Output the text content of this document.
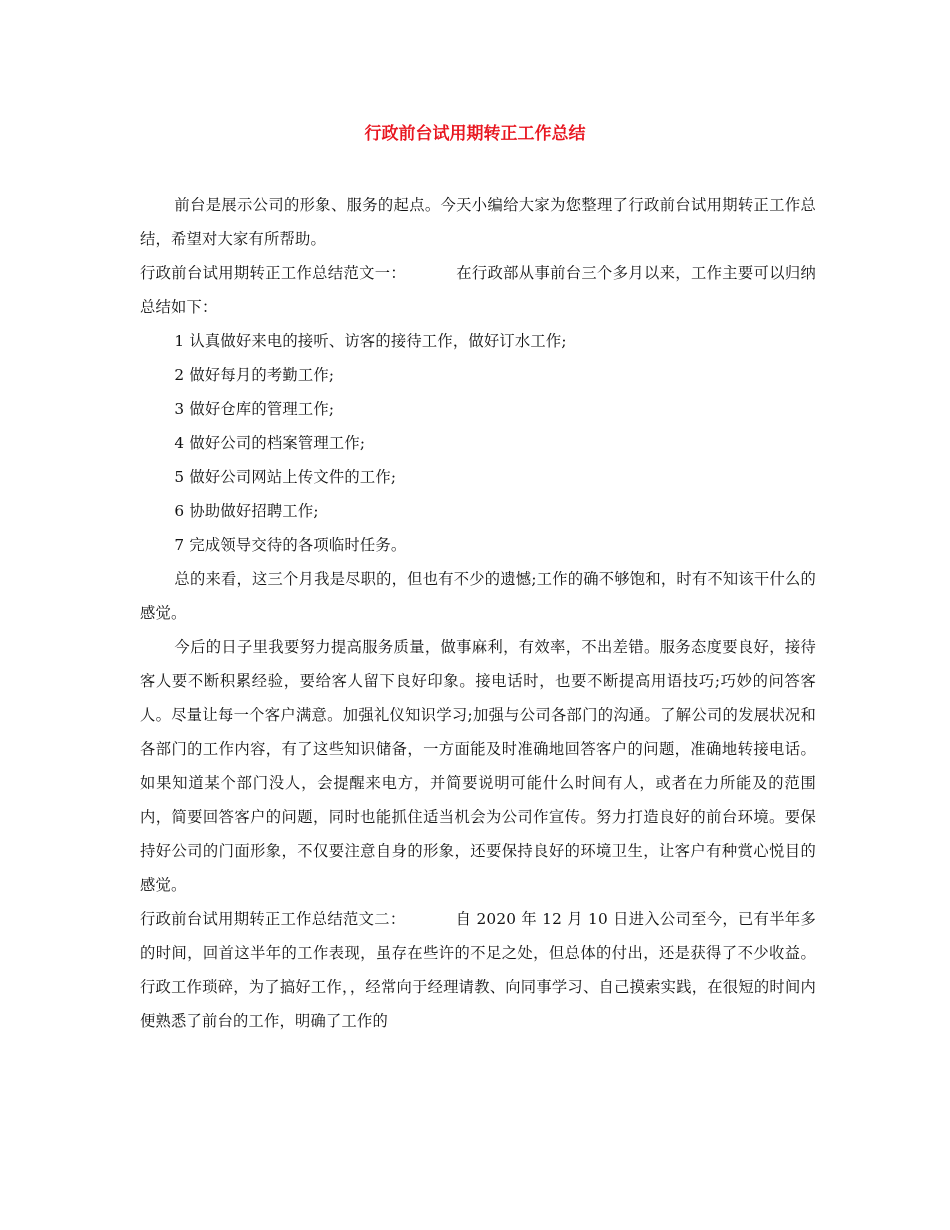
行政前台试用期转正工作总结

前台是展示公司的形象、服务的起点。今天小编给大家为您整理了行政前台试用期转正工作总结，希望对大家有所帮助。

行政前台试用期转正工作总结范文一：	在行政部从事前台三个多月以来，工作主要可以归纳总结如下：

1 认真做好来电的接听、访客的接待工作，做好订水工作;

2 做好每月的考勤工作;

3 做好仓库的管理工作;

4 做好公司的档案管理工作;

5 做好公司网站上传文件的工作;

6 协助做好招聘工作;

7 完成领导交待的各项临时任务。

总的来看，这三个月我是尽职的，但也有不少的遗憾;工作的确不够饱和，时有不知该干什么的感觉。

今后的日子里我要努力提高服务质量，做事麻利，有效率，不出差错。服务态度要良好，接待客人要不断积累经验，要给客人留下良好印象。接电话时，也要不断提高用语技巧;巧妙的问答客人。尽量让每一个客户满意。加强礼仪知识学习;加强与公司各部门的沟通。了解公司的发展状况和各部门的工作内容，有了这些知识储备，一方面能及时准确地回答客户的问题，准确地转接电话。如果知道某个部门没人，会提醒来电方，并简要说明可能什么时间有人，或者在力所能及的范围内，简要回答客户的问题，同时也能抓住适当机会为公司作宣传。努力打造良好的前台环境。要保持好公司的门面形象，不仅要注意自身的形象，还要保持良好的环境卫生，让客户有种赏心悦目的感觉。

行政前台试用期转正工作总结范文二：	自 2020 年 12 月 10 日进入公司至今，已有半年多的时间，回首这半年的工作表现，虽存在些许的不足之处，但总体的付出，还是获得了不少收益。行政工作琐碎，为了搞好工作，，经常向于经理请教、向同事学习、自己摸索实践，在很短的时间内便熟悉了前台的工作，明确了工作的
